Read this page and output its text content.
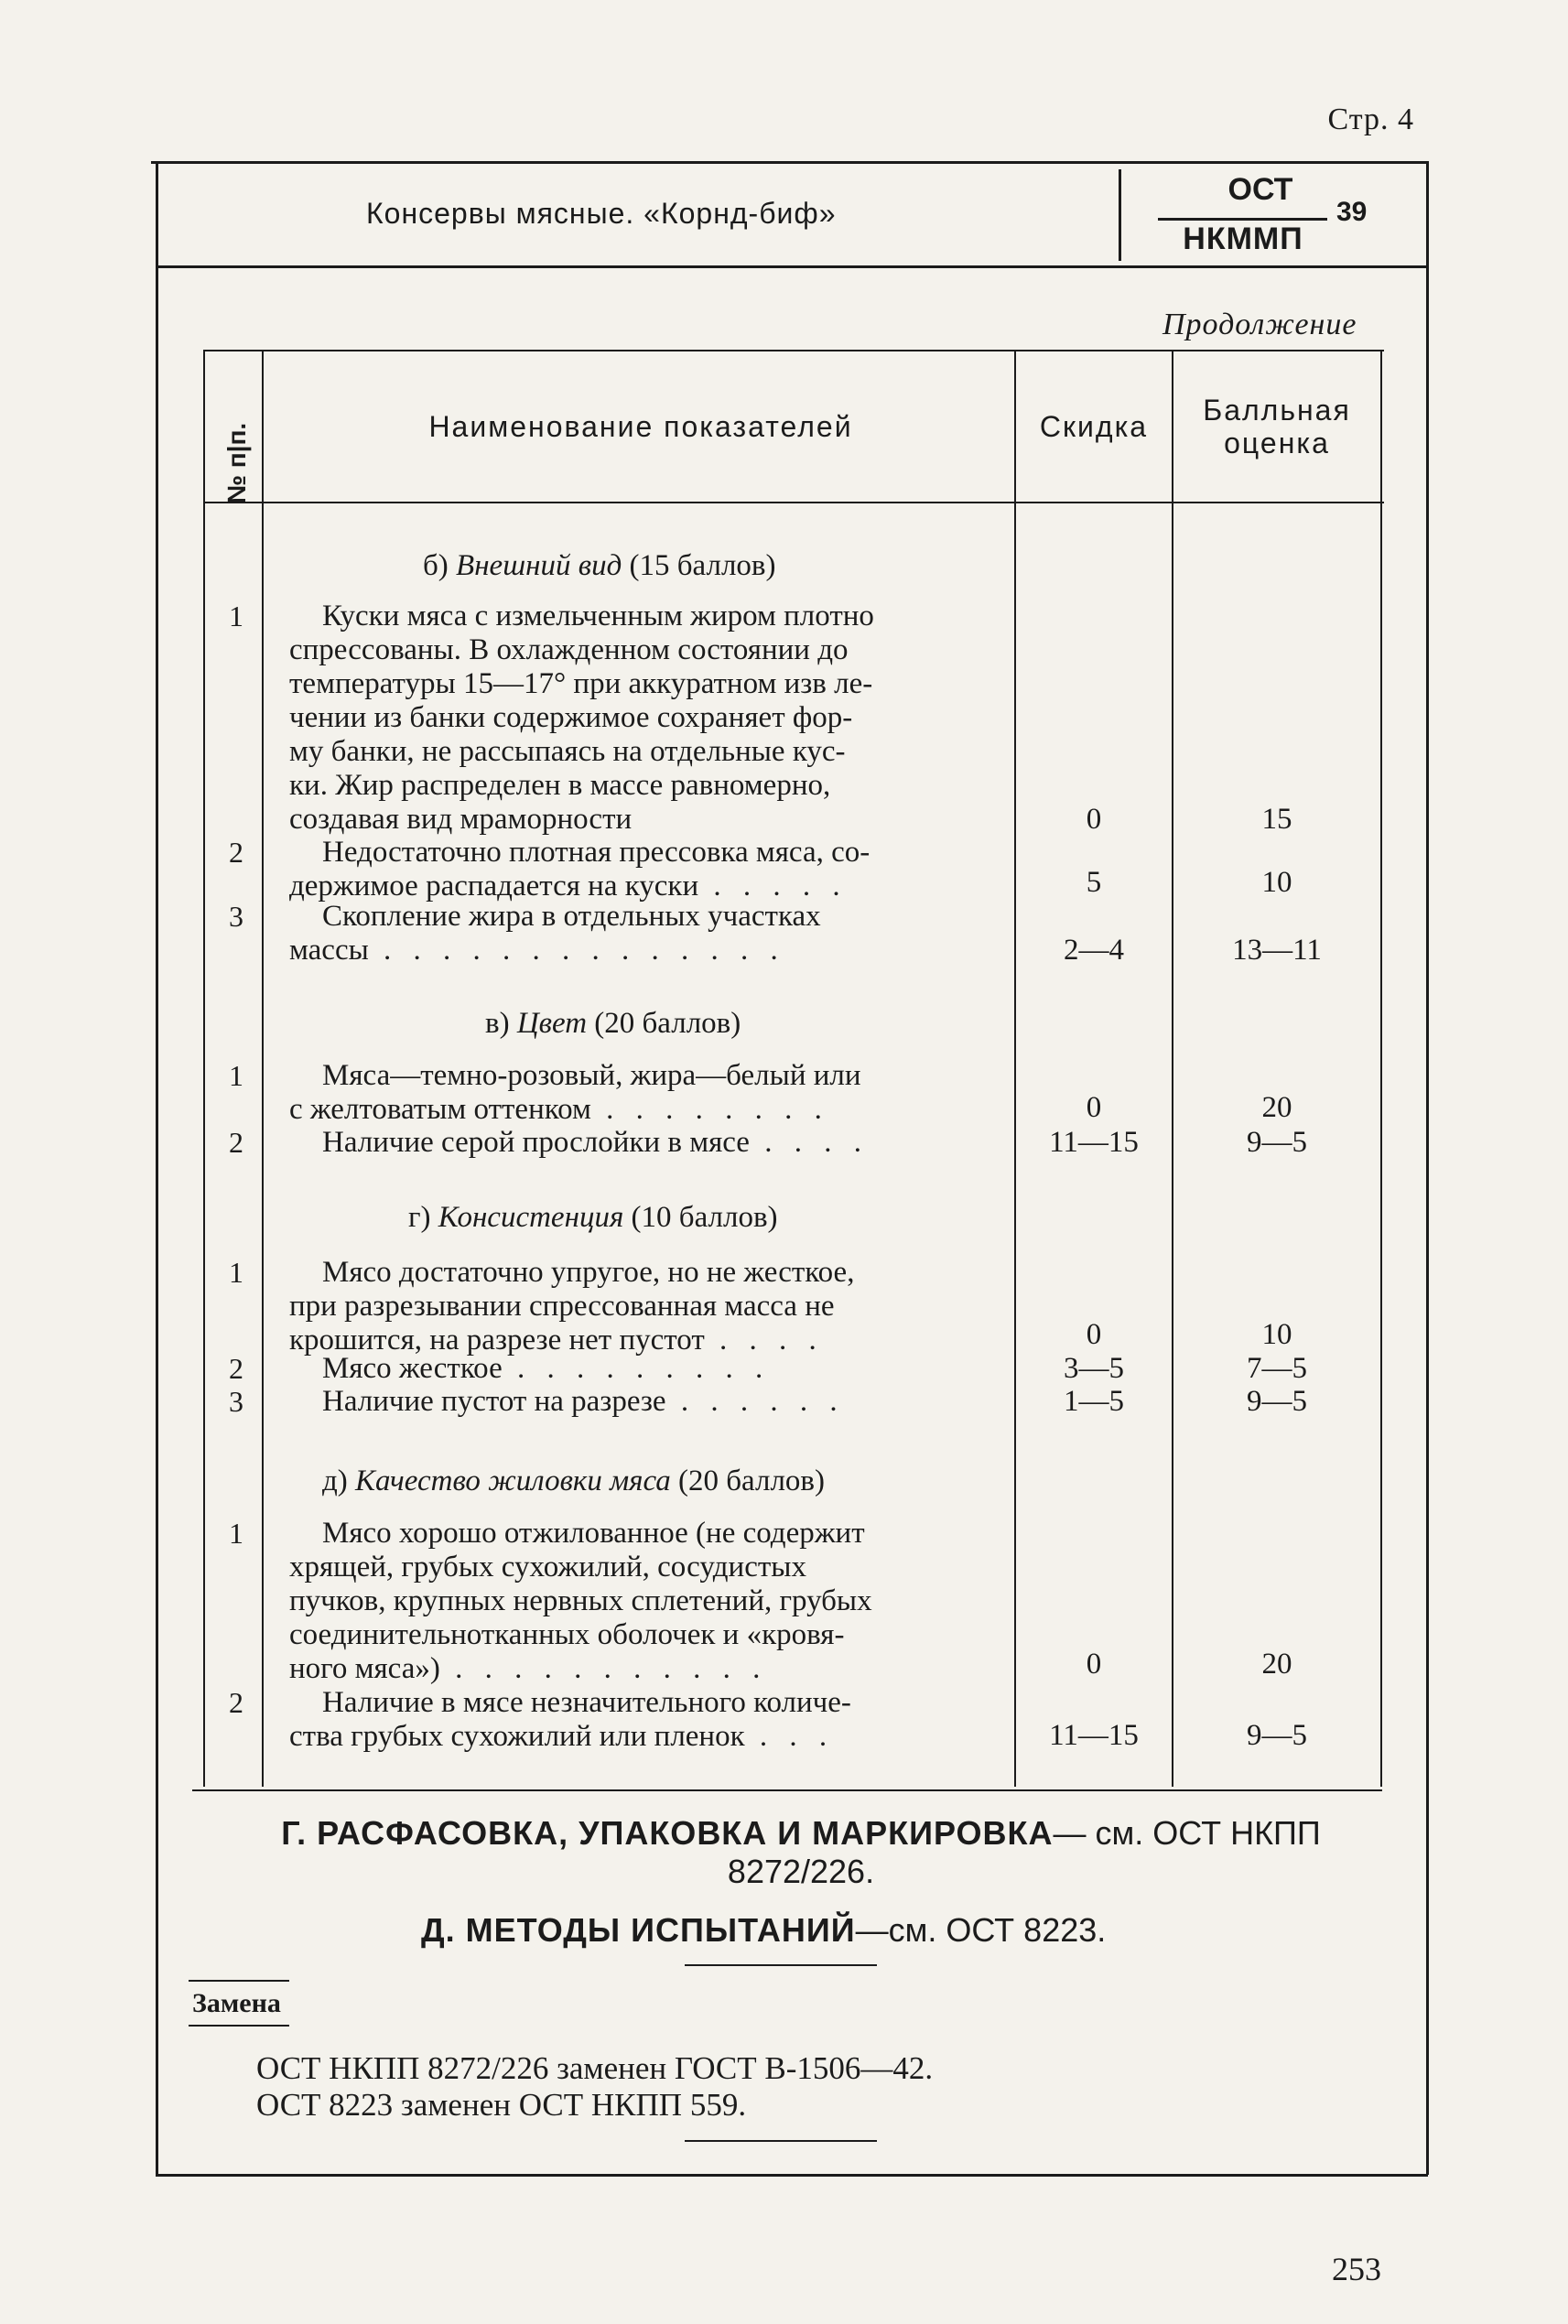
Стр. 4
Консервы мясные. «Корнд-биф»
ОСТ
НКММП
39
Продолжение
№ п|п.	Наименование показателей	Скидка	Балльная оценка
б) Внешний вид (15 баллов)
1	Куски мяса с измельченным жиром плотно
спрессованы. В охлажденном состоянии до
температуры 15—17° при аккуратном изв ле-
чении из банки содержимое сохраняет фор-
му банки, не рассыпаясь на отдельные кус-
ки. Жир распределен в массе равномерно,
создавая вид мраморности	0	15
2	Недостаточно плотная прессовка мяса, со-
держимое распадается на куски . . . . .	5	10
3	Скопление жира в отдельных участках
массы . . . . . . . . . . . . . .	2—4	13—11
в) Цвет (20 баллов)
1	Мяса—темно-розовый, жира—белый или
с желтоватым оттенком . . . . . . . .	0	20
2	Наличие серой прослойки в мясе . . . .	11—15	9—5
г) Консистенция (10 баллов)
1	Мясо достаточно упругое, но не жесткое,
при разрезывании спрессованная масса не
крошится, на разрезе нет пустот . . . .	0	10
2	Мясо жесткое . . . . . . . . .	3—5	7—5
3	Наличие пустот на разрезе . . . . . .	1—5	9—5
д) Качество жиловки мяса (20 баллов)
1	Мясо хорошо отжилованное (не содержит
хрящей, грубых сухожилий, сосудистых
пучков, крупных нервных сплетений, грубых
соединительнотканных оболочек и «кровя-
ного мяса») . . . . . . . . . . .	0	20
2	Наличие в мясе незначительного количе-
ства грубых сухожилий или пленок . . .	11—15	9—5
Г. РАСФАСОВКА, УПАКОВКА И МАРКИРОВКА— см. ОСТ НКПП
8272/226.
Д. МЕТОДЫ ИСПЫТАНИЙ—см. ОСТ 8223.
Замена
ОСТ НКПП 8272/226 заменен ГОСТ В-1506—42.
ОСТ 8223 заменен ОСТ НКПП 559.
253
